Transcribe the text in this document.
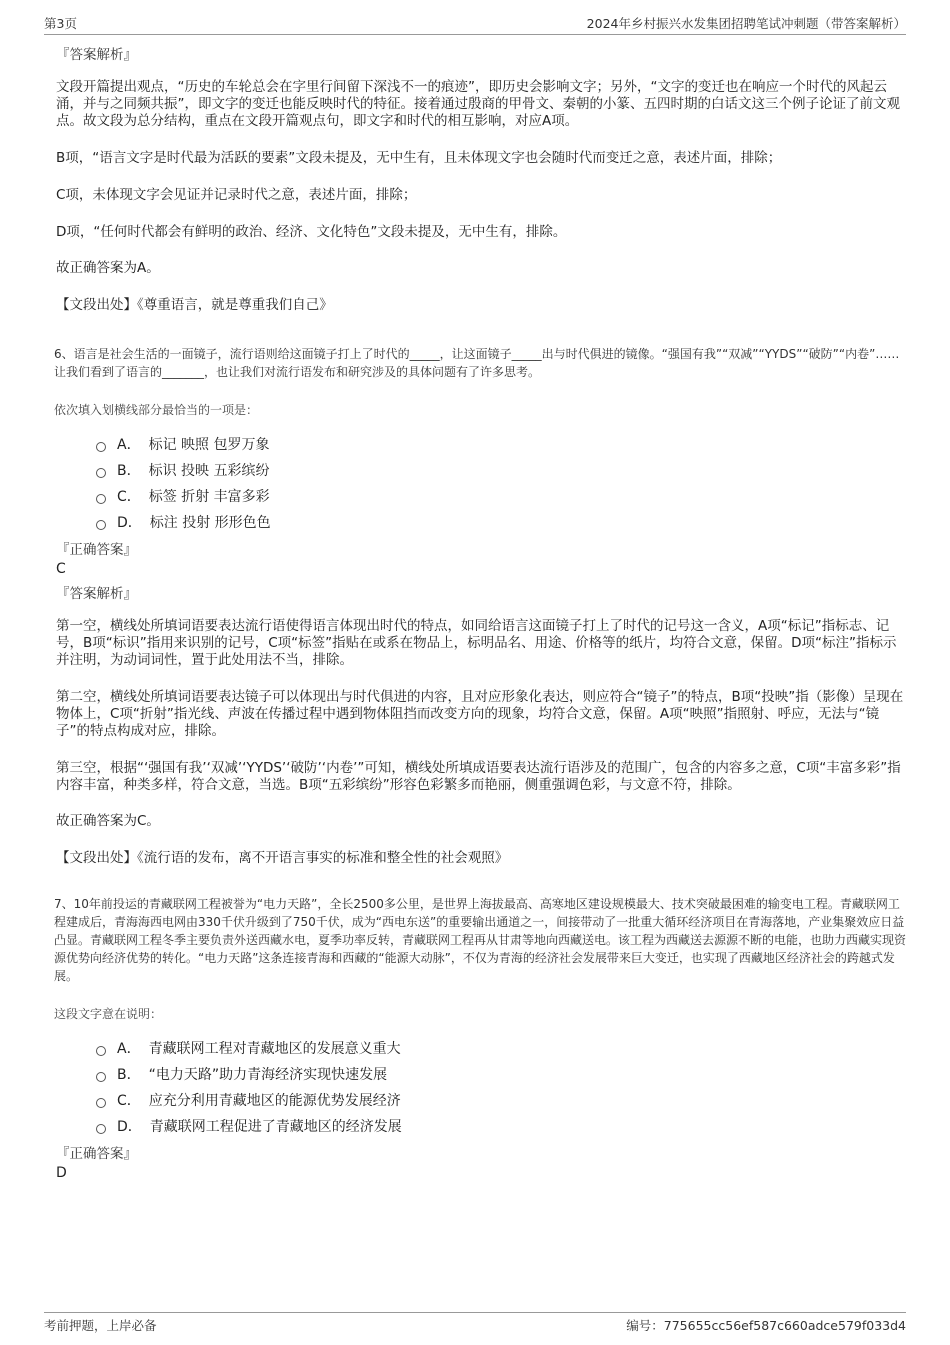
第3页	2024年乡村振兴水发集团招聘笔试冲刺题（带答案解析）
『答案解析』

文段开篇提出观点，“历史的车轮总会在字里行间留下深浅不一的痕迹”，即历史会影响文字；另外，“文字的变迁也在响应一个时代的风起云涌，并与之同频共振”，即文字的变迁也能反映时代的特征。接着通过殷商的甲骨文、秦朝的小篆、五四时期的白话文这三个例子论证了前文观点。故文段为总分结构，重点在文段开篇观点句，即文字和时代的相互影响，对应A项。

B项，“语言文字是时代最为活跃的要素”文段未提及，无中生有，且未体现文字也会随时代而变迁之意，表述片面，排除；

C项，未体现文字会见证并记录时代之意，表述片面，排除；

D项，“任何时代都会有鲜明的政治、经济、文化特色”文段未提及，无中生有，排除。

故正确答案为A。

【文段出处】《尊重语言，就是尊重我们自己》

6、语言是社会生活的一面镜子，流行语则给这面镜子打上了时代的_____，让这面镜子_____出与时代俱进的镜像。“强国有我”“双减”“YYDS”“破防”“内卷”……让我们看到了语言的_______，也让我们对流行语发布和研究涉及的具体问题有了许多思考。

依次填入划横线部分最恰当的一项是：
A． 标记 映照 包罗万象
B． 标识 投映 五彩缤纷
C． 标签 折射 丰富多彩
D． 标注 投射 形形色色
『正确答案』
C
『答案解析』

第一空，横线处所填词语要表达流行语使得语言体现出时代的特点，如同给语言这面镜子打上了时代的记号这一含义，A项“标记”指标志、记号，B项“标识”指用来识别的记号，C项“标签”指贴在或系在物品上，标明品名、用途、价格等的纸片，均符合文意，保留。D项“标注”指标示并注明，为动词词性，置于此处用法不当，排除。

第二空，横线处所填词语要表达镜子可以体现出与时代俱进的内容，且对应形象化表达，则应符合“镜子”的特点，B项“投映”指（影像）呈现在物体上，C项“折射”指光线、声波在传播过程中遇到物体阻挡而改变方向的现象，均符合文意，保留。A项“映照”指照射、呼应，无法与“镜子”的特点构成对应，排除。

第三空，根据“‘强国有我’‘双减’‘YYDS’‘破防’‘内卷’”可知，横线处所填成语要表达流行语涉及的范围广，包含的内容多之意，C项“丰富多彩”指内容丰富，种类多样，符合文意，当选。B项“五彩缤纷”形容色彩繁多而艳丽，侧重强调色彩，与文意不符，排除。

故正确答案为C。

【文段出处】《流行语的发布，离不开语言事实的标准和整全性的社会观照》

7、10年前投运的青藏联网工程被誉为“电力天路”，全长2500多公里，是世界上海拔最高、高寒地区建设规模最大、技术突破最困难的输变电工程。青藏联网工程建成后，青海海西电网由330千伏升级到了750千伏，成为“西电东送”的重要输出通道之一，间接带动了一批重大循环经济项目在青海落地，产业集聚效应日益凸显。青藏联网工程冬季主要负责外送西藏水电，夏季功率反转，青藏联网工程再从甘肃等地向西藏送电。该工程为西藏送去源源不断的电能，也助力西藏实现资源优势向经济优势的转化。“电力天路”这条连接青海和西藏的“能源大动脉”，不仅为青海的经济社会发展带来巨大变迁，也实现了西藏地区经济社会的跨越式发展。

这段文字意在说明：
A． 青藏联网工程对青藏地区的发展意义重大
B． “电力天路”助力青海经济实现快速发展
C． 应充分利用青藏地区的能源优势发展经济
D． 青藏联网工程促进了青藏地区的经济发展
『正确答案』
D
考前押题，上岸必备	编号：775655cc56ef587c660adce579f033d4
